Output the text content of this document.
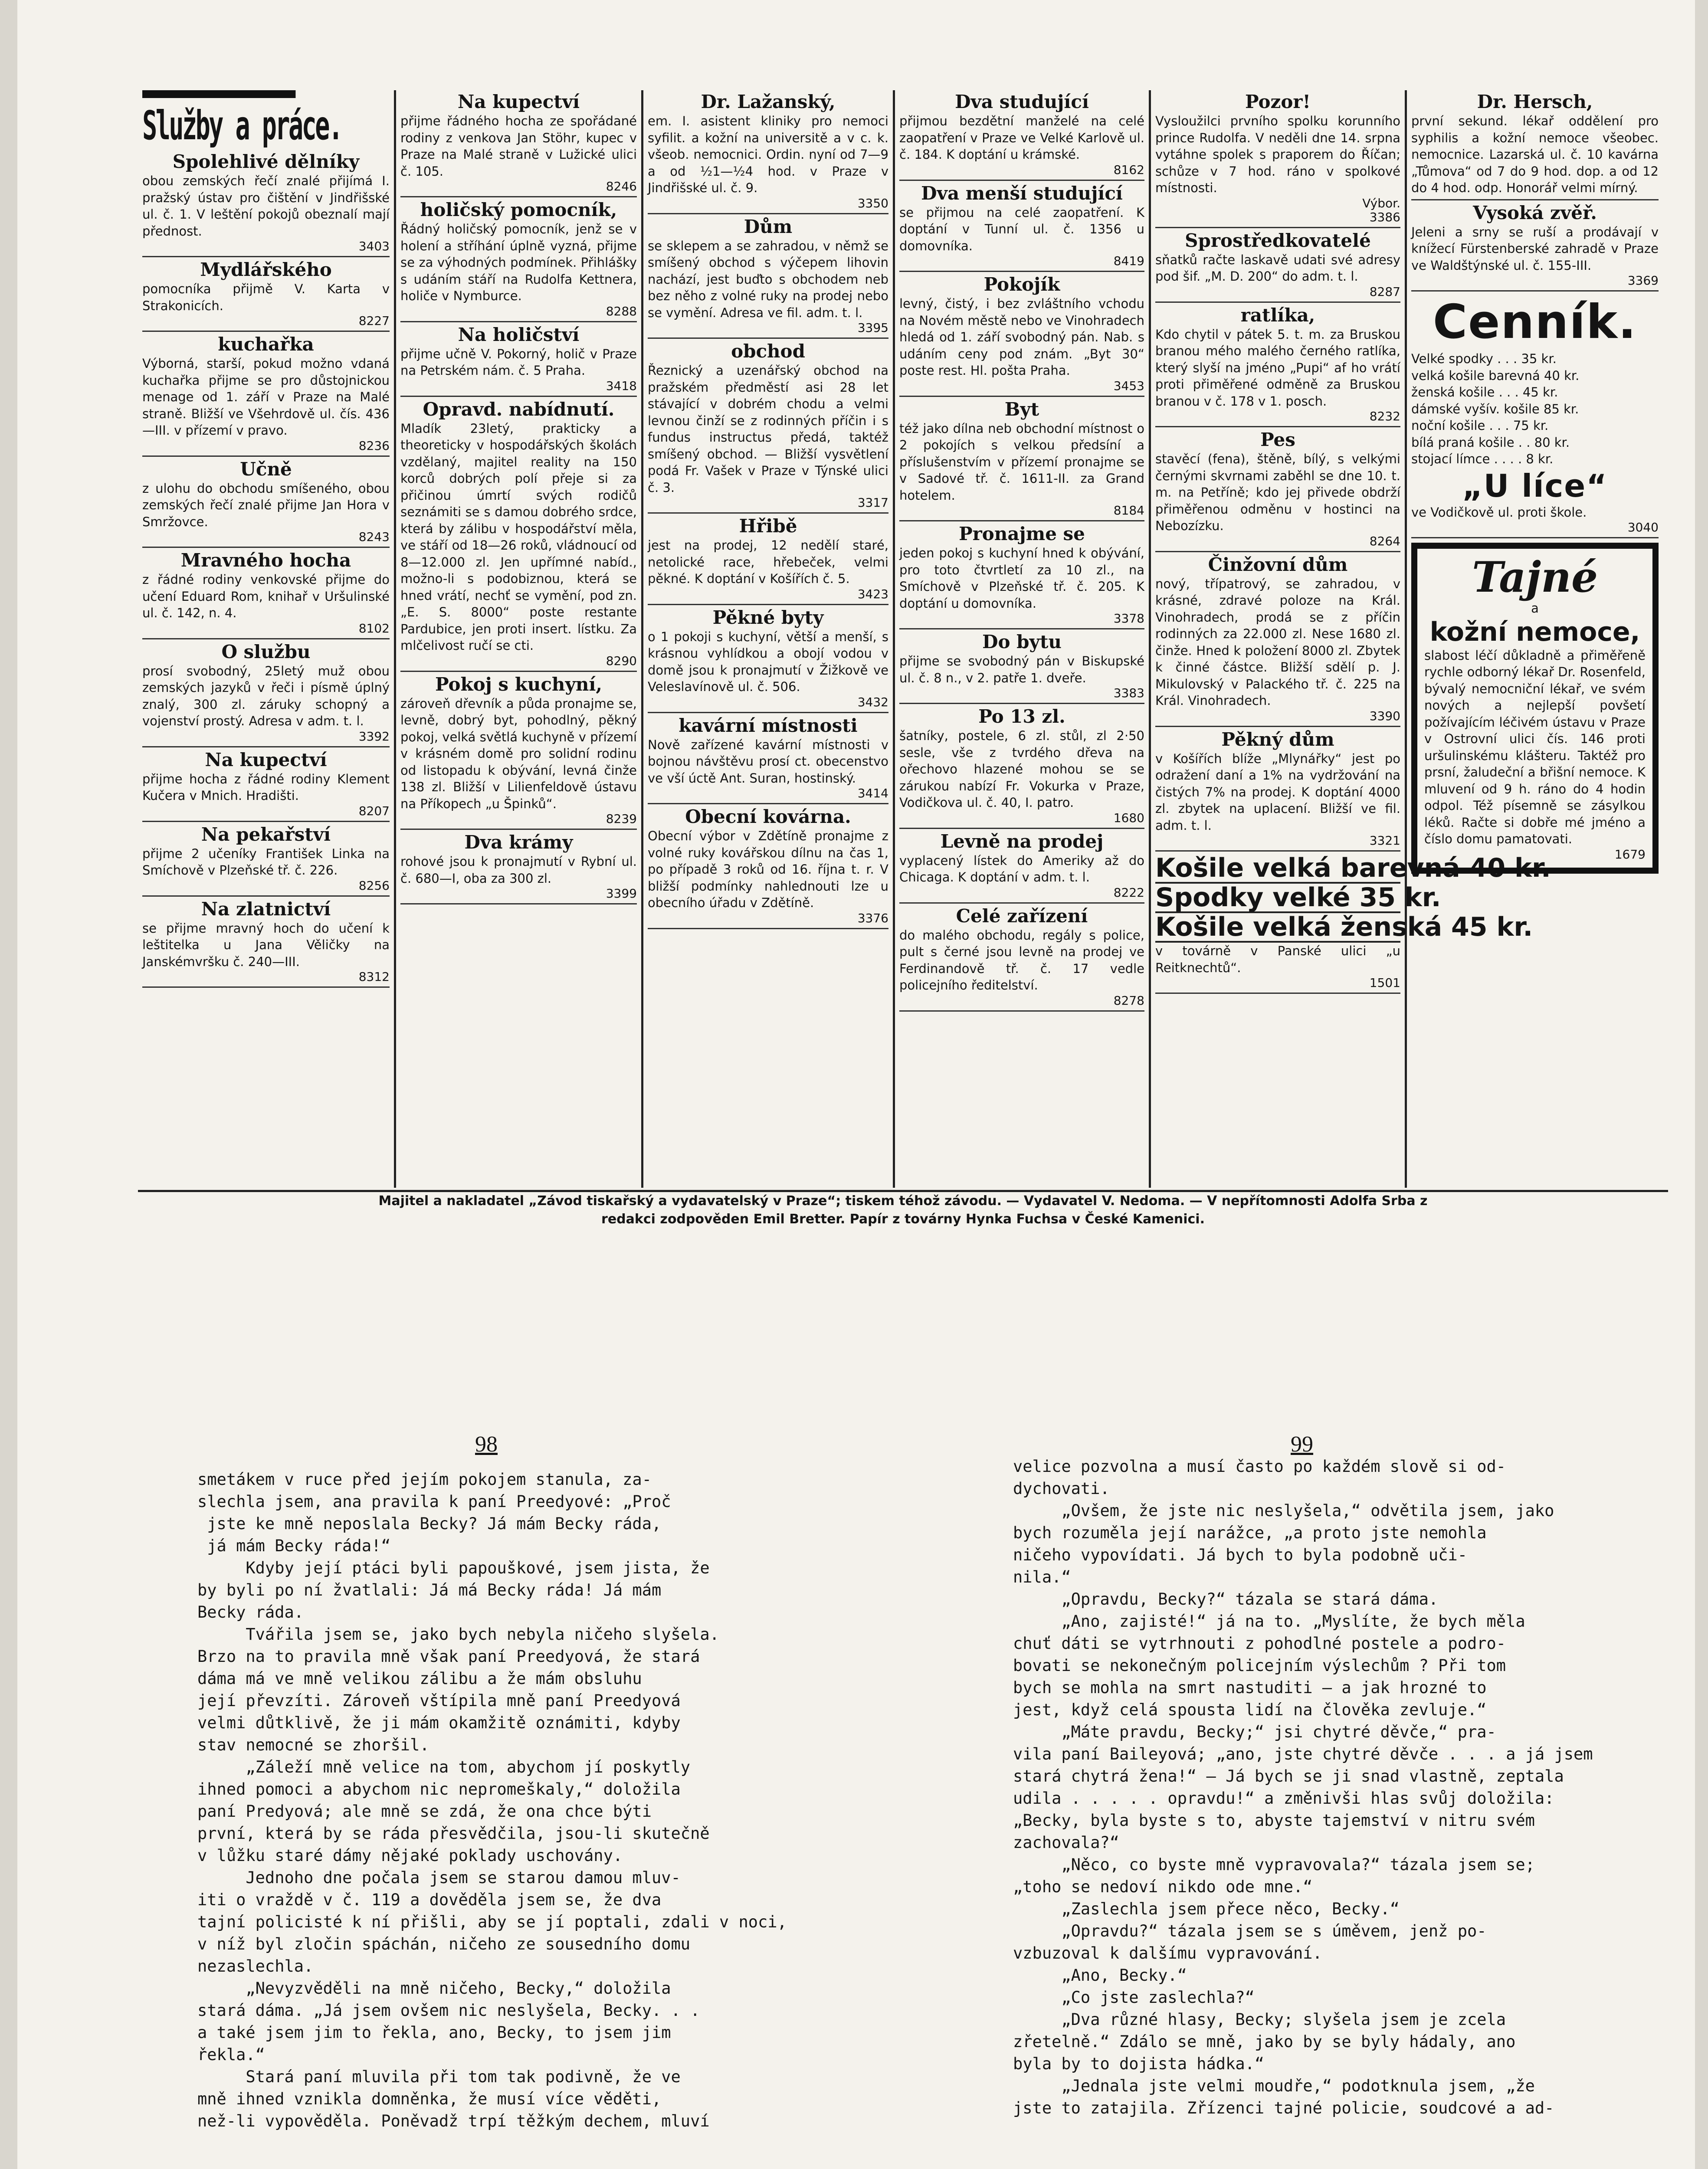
Služby a práce.
Spolehlivé dělníky

obou zemských řečí znalé přijímá I. pražský ústav pro čištění v Jindřišské ul. č. 1. V leštění pokojů obeznalí mají přednost.

3403
Mydlářského

pomocníka přijmě V. Karta v Strakonicích.

8227
kuchařka

Výborná, starší, pokud možno vdaná kuchařka přijme se pro důstojnickou menage od 1. září v Praze na Malé straně. Bližší ve Všehrdově ul. čís. 436—III. v přízemí v pravo.

8236
Učně

z ulohu do obchodu smíšeného, obou zemských řečí znalé přijme Jan Hora v Smržovce.

8243
Mravného hocha

z řádné rodiny venkovské přijme do učení Eduard Rom, knihař v Uršulinské ul. č. 142, n. 4.

8102
O službu

prosí svobodný, 25letý muž obou zemských jazyků v řeči i písmě úplný znalý, 300 zl. záruky schopný a vojenství prostý. Adresa v adm. t. l.

3392
Na kupectví

přijme hocha z řádné rodiny Klement Kučera v Mnich. Hradišti.

8207
Na pekařství

přijme 2 učeníky František Linka na Smíchově v Plzeňské tř. č. 226.

8256
Na zlatnictví

se přijme mravný hoch do učení k leštitelka u Jana Věličky na Janskémvršku č. 240—III.

8312
Na kupectví

přijme řádného hocha ze spořádané rodiny z venkova Jan Stöhr, kupec v Praze na Malé straně v Lužické ulici č. 105.

8246
holičský pomocník,

Řádný holičský pomocník, jenž se v holení a stříhání úplně vyzná, přijme se za výhodných podmínek. Přihlášky s udáním stáří na Rudolfa Kettnera, holiče v Nymburce.

8288
Na holičství

přijme učně V. Pokorný, holič v Praze na Petrském nám. č. 5 Praha.

3418
Opravd. nabídnutí.

Mladík 23letý, prakticky a theoreticky v hospodářských školách vzdělaný, majitel reality na 150 korců dobrých polí přeje si za přičinou úmrtí svých rodičů seznámiti se s damou dobrého srdce, která by zálibu v hospodářství měla, ve stáří od 18—26 roků, vládnoucí od 8—12.000 zl. Jen upřímné nabíd., možno-li s podobiznou, která se hned vrátí, nechť se vymění, pod zn. „E. S. 8000“ poste restante Pardubice, jen proti insert. lístku. Za mlčelivost ručí se cti.

8290
Pokoj s kuchyní,

zároveň dřevník a půda pronajme se, levně, dobrý byt, pohodlný, pěkný pokoj, velká světlá kuchyně v přízemí v krásném domě pro solidní rodinu od listopadu k obývání, levná činže 138 zl. Bližší v Lilienfeldově ústavu na Příkopech „u Špinků“.

8239
Dva krámy

rohové jsou k pronajmutí v Rybní ul. č. 680—I, oba za 300 zl.

3399
Dr. Lažanský,

em. I. asistent kliniky pro nemoci syfilit. a kožní na universitě a v c. k. všeob. nemocnici. Ordin. nyní od 7—9 a od ½1—½4 hod. v Praze v Jindřišské ul. č. 9.

3350
Dům

se sklepem a se zahradou, v němž se smíšený obchod s výčepem lihovin nachází, jest buďto s obchodem neb bez něho z volné ruky na prodej nebo se vymění. Adresa ve fil. adm. t. l.

3395
obchod

Řeznický a uzenářský obchod na pražském předměstí asi 28 let stávající v dobrém chodu a velmi levnou činží se z rodinných příčin i s fundus instructus předá, taktéž smíšený obchod. — Bližší vysvětlení podá Fr. Vašek v Praze v Týnské ulici č. 3.

3317
Hřibě

jest na prodej, 12 nedělí staré, netolické race, hřebeček, velmi pěkné. K doptání v Košířích č. 5.

3423
Pěkné byty

o 1 pokoji s kuchyní, větší a menší, s krásnou vyhlídkou a obojí vodou v domě jsou k pronajmutí v Žižkově ve Veleslavínově ul. č. 506.

3432
kavární místnosti

Nově zařízené kavární místnosti v bojnou návštěvu prosí ct. obecenstvo ve vší úctě Ant. Suran, hostinský.

3414
Obecní kovárna.

Obecní výbor v Zdětíně pronajme z volné ruky kovářskou dílnu na čas 1, po případě 3 roků od 16. října t. r. V bližší podmínky nahlednouti lze u obecního úřadu v Zdětíně.

3376
Dva studující

přijmou bezdětní manželé na celé zaopatření v Praze ve Velké Karlově ul. č. 184. K doptání u krámské.

8162
Dva menší studující

se přijmou na celé zaopatření. K doptání v Tunní ul. č. 1356 u domovníka.

8419
Pokojík

levný, čistý, i bez zvláštního vchodu na Novém městě nebo ve Vinohradech hledá od 1. září svobodný pán. Nab. s udáním ceny pod znám. „Byt 30“ poste rest. Hl. pošta Praha.

3453
Byt

též jako dílna neb obchodní místnost o 2 pokojích s velkou předsíní a příslušenstvím v přízemí pronajme se v Sadové tř. č. 1611-II. za Grand hotelem.

8184
Pronajme se

jeden pokoj s kuchyní hned k obývání, pro toto čtvrtletí za 10 zl., na Smíchově v Plzeňské tř. č. 205. K doptání u domovníka.

3378
Do bytu

přijme se svobodný pán v Biskupské ul. č. 8 n., v 2. patře 1. dveře.

3383
Po 13 zl.

šatníky, postele, 6 zl. stůl, zl 2·50 sesle, vše z tvrdého dřeva na ořechovo hlazené mohou se se zárukou nabízí Fr. Vokurka v Praze, Vodičkova ul. č. 40, I. patro.

1680
Levně na prodej

vyplacený lístek do Ameriky až do Chicaga. K doptání v adm. t. l.

8222
Celé zařízení

do malého obchodu, regály s police, pult s černé jsou levně na prodej ve Ferdinandově tř. č. 17 vedle policejního ředitelství.

8278
Pozor!

Vysloužilci prvního spolku korunního prince Rudolfa. V neděli dne 14. srpna vytáhne spolek s praporem do Říčan; schůze v 7 hod. ráno v spolkové místnosti.

Výbor.
3386
Sprostředkovatelé

sňatků račte laskavě udati své adresy pod šif. „M. D. 200“ do adm. t. l.

8287
ratlíka,

Kdo chytil v pátek 5. t. m. za Bruskou branou mého malého černého ratlíka, který slyší na jméno „Pupi“ af ho vrátí proti přiměřené odměně za Bruskou branou v č. 178 v 1. posch.

8232
Pes

stavěcí (fena), štěně, bílý, s velkými černými skvrnami zaběhl se dne 10. t. m. na Petříně; kdo jej přivede obdrží přiměřenou odměnu v hostinci na Nebozízku.

8264
Činžovní dům

nový, třípatrový, se zahradou, v krásné, zdravé poloze na Král. Vinohradech, prodá se z příčin rodinných za 22.000 zl. Nese 1680 zl. činže. Hned k položení 8000 zl. Zbytek k činné částce. Bližší sdělí p. J. Mikulovský v Palackého tř. č. 225 na Král. Vinohradech.

3390
Pěkný dům

v Košířích blíže „Mlynářky“ jest po odražení daní a 1% na vydržování na čistých 7% na prodej. K doptání 4000 zl. zbytek na uplacení. Bližší ve fil. adm. t. l.

3321
Košile velká barevná 40 kr.
Spodky velké 35 kr.
Košile velká ženská 45 kr.

v továrně v Panské ulici „u Reitknechtů“.

1501
Dr. Hersch,

první sekund. lékař oddělení pro syphilis a kožní nemoce všeobec. nemocnice. Lazarská ul. č. 10 kavárna „Tůmova“ od 7 do 9 hod. dop. a od 12 do 4 hod. odp. Honorář velmi mírný.

Vysoká zvěř.

Jeleni a srny se ruší a prodávají v knížecí Fürstenberské zahradě v Praze ve Waldštýnské ul. č. 155-III.

3369
Cenník.
Velké spodky . . . 35 kr.
velká košile barevná 40 kr.
ženská košile . . . 45 kr.
dámské vyšív. košile 85 kr.
noční košile . . . 75 kr.
bílá praná košile . . 80 kr.
stojací límce . . . . 8 kr.
„U líce“
ve Vodičkově ul. proti škole.
3040
Tajné
a
kožní nemoce,

slabost léčí důkladně a přiměřeně rychle odborný lékař Dr. Rosenfeld, bývalý nemocniční lékař, ve svém nových a nejlepší povšetí požívajícím léčivém ústavu v Praze v Ostrovní ulici čís. 146 proti uršulinskému klášteru. Taktéž pro prsní, žaludeční a břišní nemoce. K mluvení od 9 h. ráno do 4 hodin odpol. Též písemně se zásylkou léků. Račte si dobře mé jméno a číslo domu pamatovati.

1679
Majitel a nakladatel „Závod tiskařský a vydavatelský v Praze“; tiskem téhož závodu. — Vydavatel V. Nedoma. — V nepřítomnosti Adolfa Srba z
redakci zodpověden Emil Bretter. Papír z továrny Hynka Fuchsa v České Kamenici.
98	99
smetákem v ruce před jejím pokojem stanula, za-
slechla jsem, ana pravila k paní Preedyové: „Proč
jste ke mně neposlala Becky? Já mám Becky ráda,
já mám Becky ráda!“
Kdyby její ptáci byli papouškové, jsem jista, že
by byli po ní žvatlali: Já má Becky ráda! Já mám
Becky ráda.
Tvářila jsem se, jako bych nebyla ničeho slyšela.
Brzo na to pravila mně však paní Preedyová, že stará
dáma má ve mně velikou zálibu a že mám obsluhu
její převzíti. Zároveň vštípila mně paní Preedyová
velmi důtklivě, že ji mám okamžitě oznámiti, kdyby
stav nemocné se zhoršil.
„Záleží mně velice na tom, abychom jí poskytly
ihned pomoci a abychom nic nepromeškaly,“ doložila
paní Predyová; ale mně se zdá, že ona chce býti
první, která by se ráda přesvědčila, jsou-li skutečně
v lůžku staré dámy nějaké poklady uschovány.
Jednoho dne počala jsem se starou damou mluv-
iti o vraždě v č. 119 a dověděla jsem se, že dva
tajní policisté k ní přišli, aby se jí poptali, zdali v noci,
v níž byl zločin spáchán, ničeho ze sousedního domu
nezaslechla.
„Nevyzvěděli na mně ničeho, Becky,“ doložila
stará dáma. „Já jsem ovšem nic neslyšela, Becky. . .
a také jsem jim to řekla, ano, Becky, to jsem jim
řekla.“
Stará paní mluvila při tom tak podivně, že ve
mně ihned vznikla domněnka, že musí více věděti,
než-li vypověděla. Poněvadž trpí těžkým dechem, mluví
velice pozvolna a musí často po každém slově si od-
dychovati.
„Ovšem, že jste nic neslyšela,“ odvětila jsem, jako
bych rozuměla její narážce, „a proto jste nemohla
ničeho vypovídati. Já bych to byla podobně uči-
nila.“
„Opravdu, Becky?“ tázala se stará dáma.
„Ano, zajisté!“ já na to. „Myslíte, že bych měla
chuť dáti se vytrhnouti z pohodlné postele a podro-
bovati se nekonečným policejním výslechům ? Při tom
bych se mohla na smrt nastuditi — a jak hrozné to
jest, když celá spousta lidí na člověka zevluje.“
„Máte pravdu, Becky;“ jsi chytré děvče,“ pra-
vila paní Baileyová; „ano, jste chytré děvče . . . a já jsem
stará chytrá žena!“ — Já bych se ji snad vlastně, zeptala
udila . . . . . opravdu!“ a změnivši hlas svůj doložila:
„Becky, byla byste s to, abyste tajemství v nitru svém
zachovala?“
„Něco, co byste mně vypravovala?“ tázala jsem se;
„toho se nedoví nikdo ode mne.“
„Zaslechla jsem přece něco, Becky.“
„Opravdu?“ tázala jsem se s úměvem, jenž po-
vzbuzoval k dalšímu vypravování.
„Ano, Becky.“
„Co jste zaslechla?“
„Dva různé hlasy, Becky; slyšela jsem je zcela
zřetelně.“ Zdálo se mně, jako by se byly hádaly, ano
byla by to dojista hádka.“
„Jednala jste velmi moudře,“ podotknula jsem, „že
jste to zatajila. Zřízenci tajné policie, soudcové a ad-
